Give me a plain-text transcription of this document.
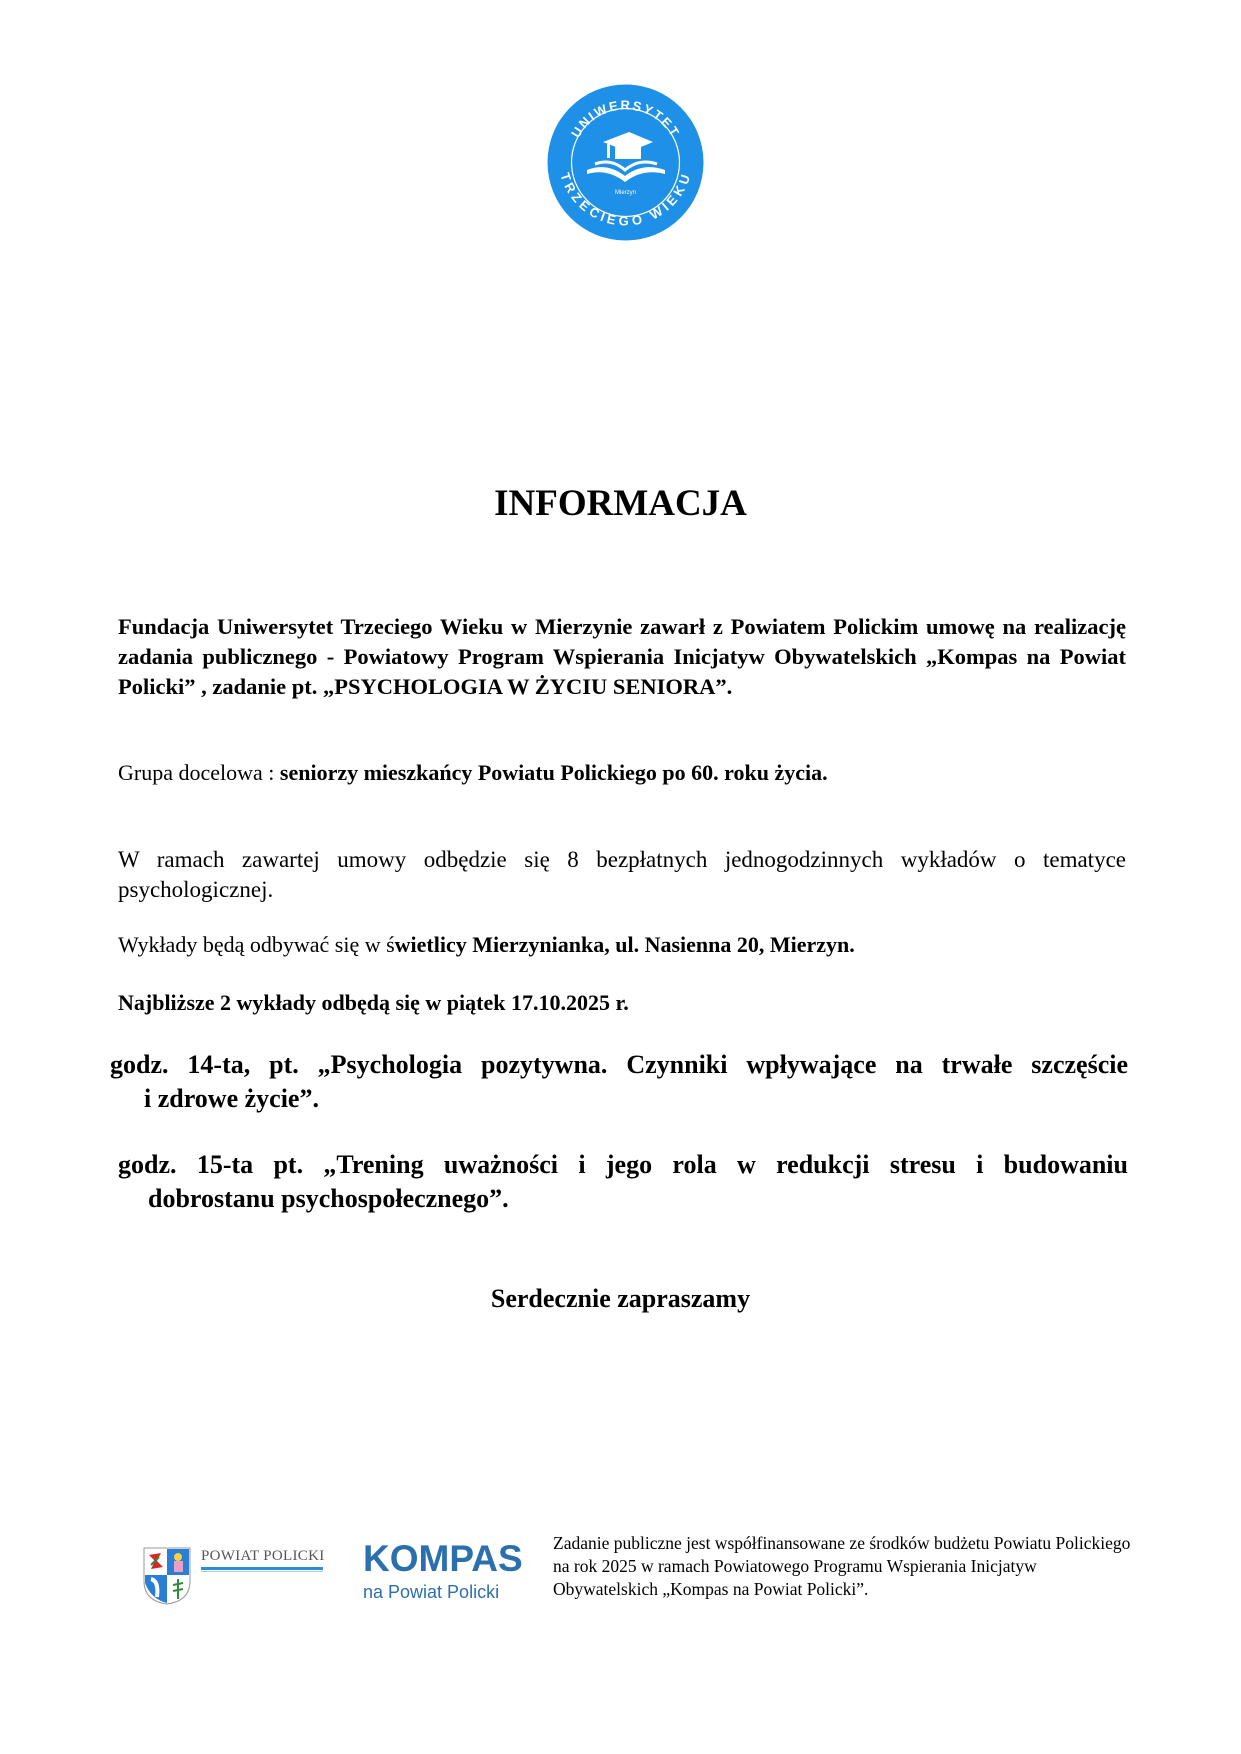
UNIWERSYTET
TRZECIEGO WIEKU
Mierzyn
INFORMACJA
Fundacja Uniwersytet Trzeciego Wieku w Mierzynie zawarł z Powiatem Polickim umowę na realizację zadania publicznego - Powiatowy Program Wspierania Inicjatyw Obywatelskich „Kompas na Powiat Policki” , zadanie pt. „PSYCHOLOGIA W ŻYCIU SENIORA”.
Grupa docelowa : seniorzy mieszkańcy Powiatu Polickiego po 60. roku życia.
W ramach zawartej umowy odbędzie się 8 bezpłatnych jednogodzinnych wykładów o tematyce psychologicznej.
Wykłady będą odbywać się w świetlicy Mierzynianka, ul. Nasienna 20, Mierzyn.
Najbliższe 2 wykłady odbędą się w piątek 17.10.2025 r.
godz. 14-ta, pt. „Psychologia pozytywna. Czynniki wpływające na trwałe szczęście
i zdrowe życie”.
godz. 15-ta pt. „Trening uważności i jego rola w redukcji stresu i budowaniu
dobrostanu psychospołecznego”.
Serdecznie zapraszamy
POWIAT POLICKI KOMPAS
na Powiat Policki
Zadanie publiczne jest współfinansowane ze środków budżetu Powiatu Polickiego na rok 2025 w ramach Powiatowego Programu Wspierania Inicjatyw Obywatelskich „Kompas na Powiat Policki”.
